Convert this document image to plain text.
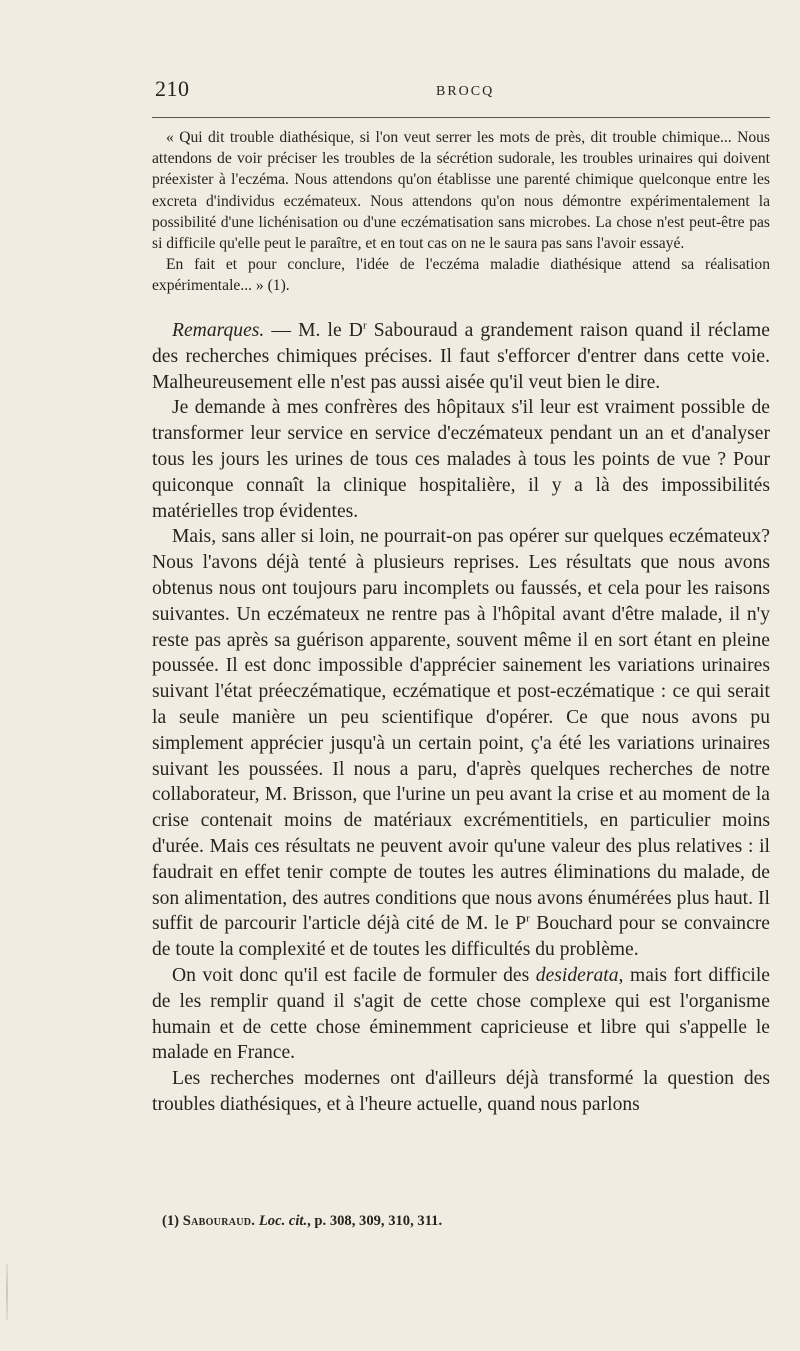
210	BROCQ

« Qui dit trouble diathésique, si l'on veut serrer les mots de près, dit trouble chimique... Nous attendons de voir préciser les troubles de la sécrétion sudorale, les troubles urinaires qui doivent préexister à l'eczéma. Nous attendons qu'on établisse une parenté chimique quelconque entre les excreta d'individus eczémateux. Nous attendons qu'on nous démontre expérimentalement la possibilité d'une lichénisation ou d'une eczématisation sans microbes. La chose n'est peut-être pas si difficile qu'elle peut le paraître, et en tout cas on ne le saura pas sans l'avoir essayé.

En fait et pour conclure, l'idée de l'eczéma maladie diathésique attend sa réalisation expérimentale... » (1).

Remarques. — M. le $D^r$ Sabouraud a grandement raison quand il réclame des recherches chimiques précises. Il faut s'efforcer d'entrer dans cette voie. Malheureusement elle n'est pas aussi aisée qu'il veut bien le dire.

Je demande à mes confrères des hôpitaux s'il leur est vraiment possible de transformer leur service en service d'eczémateux pendant un an et d'analyser tous les jours les urines de tous ces malades à tous les points de vue ? Pour quiconque connaît la clinique hospitalière, il y a là des impossibilités matérielles trop évidentes.

Mais, sans aller si loin, ne pourrait-on pas opérer sur quelques eczémateux? Nous l'avons déjà tenté à plusieurs reprises. Les résultats que nous avons obtenus nous ont toujours paru incomplets ou faussés, et cela pour les raisons suivantes. Un eczémateux ne rentre pas à l'hôpital avant d'être malade, il n'y reste pas après sa guérison apparente, souvent même il en sort étant en pleine poussée. Il est donc impossible d'apprécier sainement les variations urinaires suivant l'état préeczématique, eczématique et post-eczématique : ce qui serait la seule manière un peu scientifique d'opérer. Ce que nous avons pu simplement apprécier jusqu'à un certain point, ç'a été les variations urinaires suivant les poussées. Il nous a paru, d'après quelques recherches de notre collaborateur, M. Brisson, que l'urine un peu avant la crise et au moment de la crise contenait moins de matériaux excrémentitiels, en particulier moins d'urée. Mais ces résultats ne peuvent avoir qu'une valeur des plus relatives : il faudrait en effet tenir compte de toutes les autres éliminations du malade, de son alimentation, des autres conditions que nous avons énumérées plus haut. Il suffit de parcourir l'article déjà cité de M. le $P^r$ Bouchard pour se convaincre de toute la complexité et de toutes les difficultés du problème.

On voit donc qu'il est facile de formuler des desiderata, mais fort difficile de les remplir quand il s'agit de cette chose complexe qui est l'organisme humain et de cette chose éminemment capricieuse et libre qui s'appelle le malade en France.

Les recherches modernes ont d'ailleurs déjà transformé la question des troubles diathésiques, et à l'heure actuelle, quand nous parlons

(1) Sabouraud. Loc. cit., p. 308, 309, 310, 311.
